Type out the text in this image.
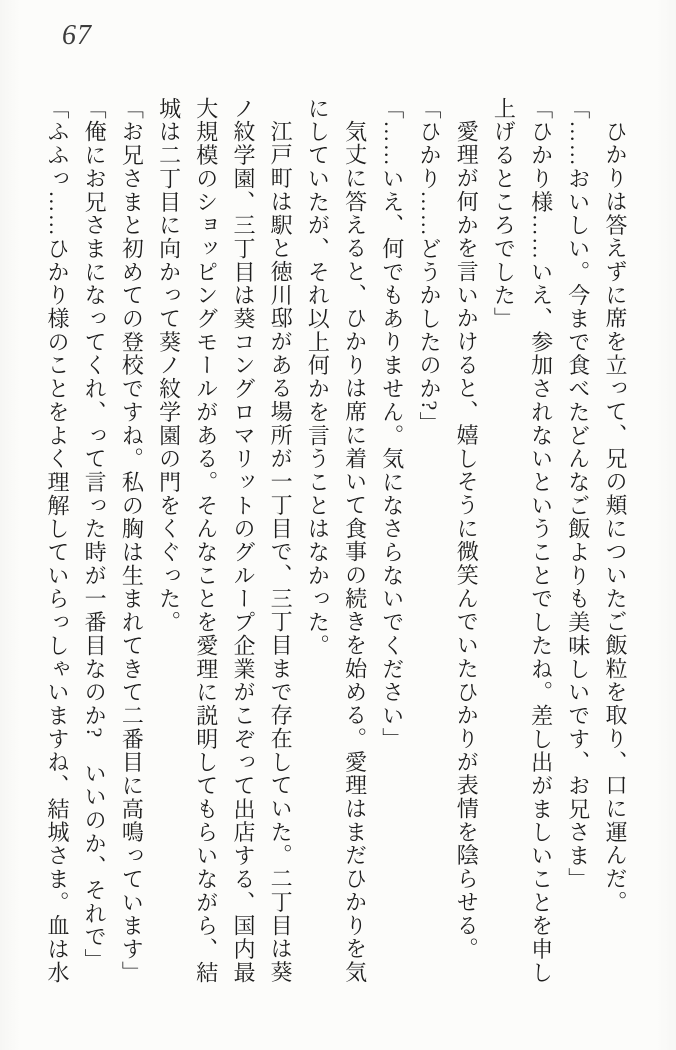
67

ひかりは答えずに席を立って、兄の頬についたご飯粒を取り、口に運んだ。

「……おいしい。今まで食べたどんなご飯よりも美味しいです、お兄さま」

「ひかり様……いえ、参加されないということでしたね。差し出がましいことを申し

上げるところでした」

愛理が何かを言いかけると、嬉しそうに微笑んでいたひかりが表情を陰らせる。

「ひかり……どうかしたのか?」

「……いえ、何でもありません。気になさらないでください」

気丈に答えると、ひかりは席に着いて食事の続きを始める。愛理はまだひかりを気

にしていたが、それ以上何かを言うことはなかった。

江戸町は駅と徳川邸がある場所が一丁目で、三丁目まで存在していた。二丁目は葵

ノ紋学園、三丁目は葵コングロマリットのグループ企業がこぞって出店する、国内最

大規模のショッピングモールがある。そんなことを愛理に説明してもらいながら、結

城は二丁目に向かって葵ノ紋学園の門をくぐった。

「お兄さまと初めての登校ですね。私の胸は生まれてきて二番目に高鳴っています」

「俺にお兄さまになってくれ、って言った時が一番目なのか?　いいのか、それで」

「ふふっ……ひかり様のことをよく理解していらっしゃいますね、結城さま。血は水
